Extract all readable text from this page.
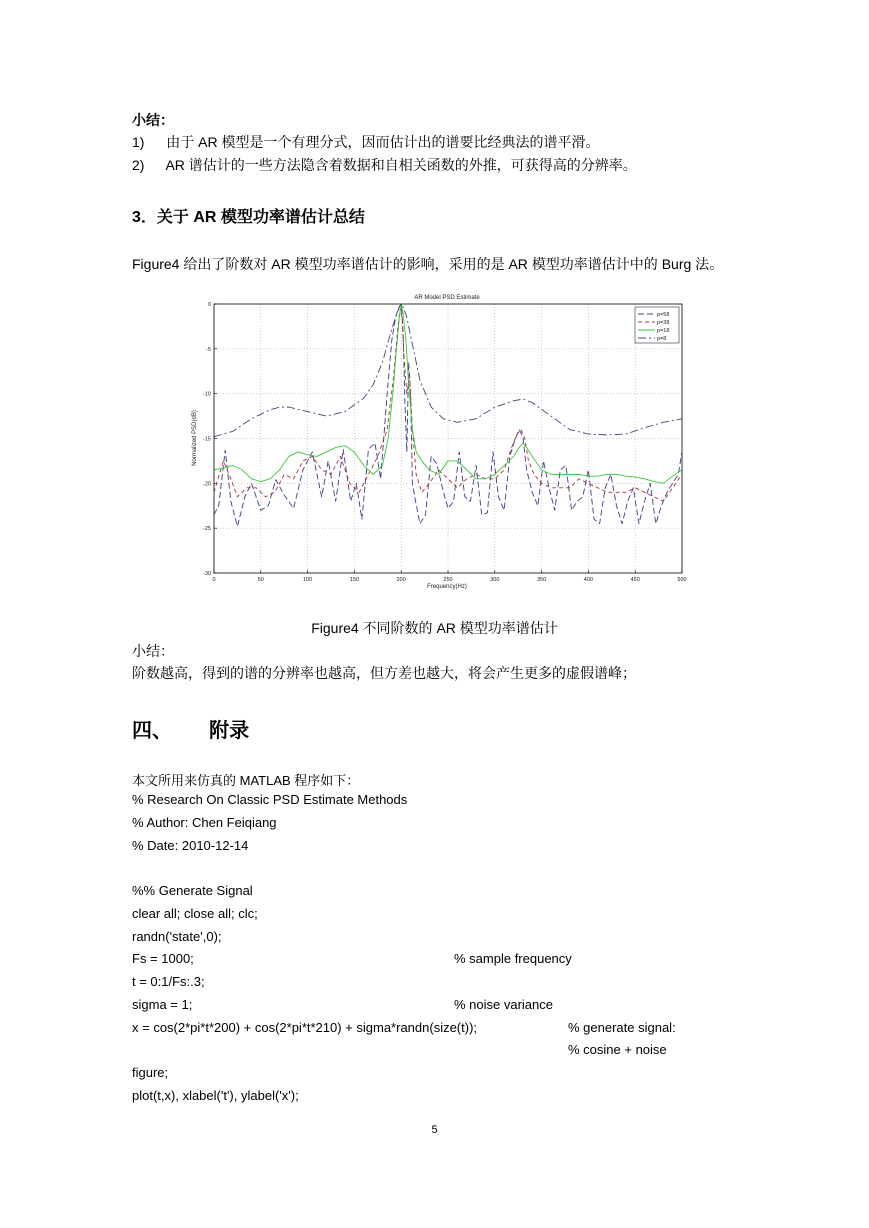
小结：
1) 由于 AR 模型是一个有理分式，因而估计出的谱要比经典法的谱平滑。
2) AR 谱估计的一些方法隐含着数据和自相关函数的外推，可获得高的分辨率。
3．关于 AR 模型功率谱估计总结
Figure4 给出了阶数对 AR 模型功率谱估计的影响，采用的是 AR 模型功率谱估计中的 Burg 法。
AR Model PSD Estimate
Frequency(Hz)
Normalized PSD(dB)
0	50	100	150	200	250	300	350	400	450	500
0
-5
-10
-15
-20
-25
-30
p=58
p=38
p=18
p=8
Figure4 不同阶数的 AR 模型功率谱估计
小结：
阶数越高，得到的谱的分辨率也越高，但方差也越大，将会产生更多的虚假谱峰；
四、 附录
本文所用来仿真的 MATLAB 程序如下：
% Research On Classic PSD Estimate Methods
% Author: Chen Feiqiang
% Date: 2010-12-14
%% Generate Signal
clear all; close all; clc;
randn('state',0);
Fs = 1000;	% sample frequency
t = 0:1/Fs:.3;
sigma = 1;	% noise variance
x = cos(2*pi*t*200) + cos(2*pi*t*210) + sigma*randn(size(t));	% generate signal:
% cosine + noise
figure;
plot(t,x), xlabel('t'), ylabel('x');
5
